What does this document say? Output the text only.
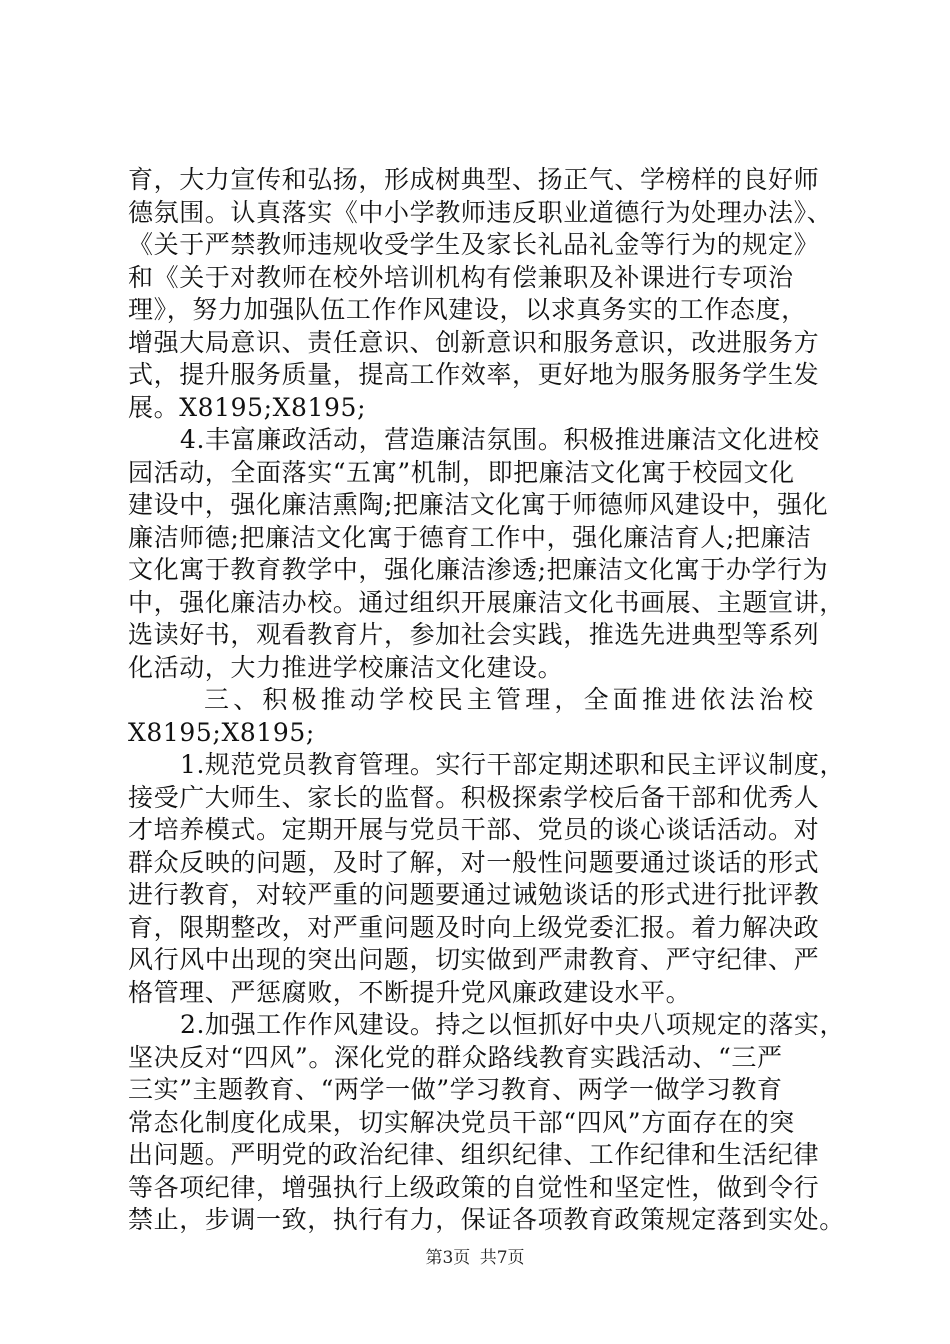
育，大力宣传和弘扬，形成树典型、扬正气、学榜样的良好师
德氛围。认真落实《中小学教师违反职业道德行为处理办法》、
《关于严禁教师违规收受学生及家长礼品礼金等行为的规定》
和《关于对教师在校外培训机构有偿兼职及补课进行专项治
理》，努力加强队伍工作作风建设，以求真务实的工作态度，
增强大局意识、责任意识、创新意识和服务意识，改进服务方
式，提升服务质量，提高工作效率，更好地为服务服务学生发
展。X8195;X8195;
4.丰富廉政活动，营造廉洁氛围。积极推进廉洁文化进校
园活动，全面落实“五寓”机制，即把廉洁文化寓于校园文化
建设中，强化廉洁熏陶;把廉洁文化寓于师德师风建设中，强化
廉洁师德;把廉洁文化寓于德育工作中，强化廉洁育人;把廉洁
文化寓于教育教学中，强化廉洁渗透;把廉洁文化寓于办学行为
中，强化廉洁办校。通过组织开展廉洁文化书画展、主题宣讲，
选读好书，观看教育片，参加社会实践，推选先进典型等系列
化活动，大力推进学校廉洁文化建设。
三、积极推动学校民主管理，全面推进依法治校
X8195;X8195;
1.规范党员教育管理。实行干部定期述职和民主评议制度，
接受广大师生、家长的监督。积极探索学校后备干部和优秀人
才培养模式。定期开展与党员干部、党员的谈心谈话活动。对
群众反映的问题，及时了解，对一般性问题要通过谈话的形式
进行教育，对较严重的问题要通过诫勉谈话的形式进行批评教
育，限期整改，对严重问题及时向上级党委汇报。着力解决政
风行风中出现的突出问题，切实做到严肃教育、严守纪律、严
格管理、严惩腐败，不断提升党风廉政建设水平。
2.加强工作作风建设。持之以恒抓好中央八项规定的落实，
坚决反对“四风”。深化党的群众路线教育实践活动、“三严
三实”主题教育、“两学一做”学习教育、两学一做学习教育
常态化制度化成果，切实解决党员干部“四风”方面存在的突
出问题。严明党的政治纪律、组织纪律、工作纪律和生活纪律
等各项纪律，增强执行上级政策的自觉性和坚定性，做到令行
禁止，步调一致，执行有力，保证各项教育政策规定落到实处。
第3页 共7页
